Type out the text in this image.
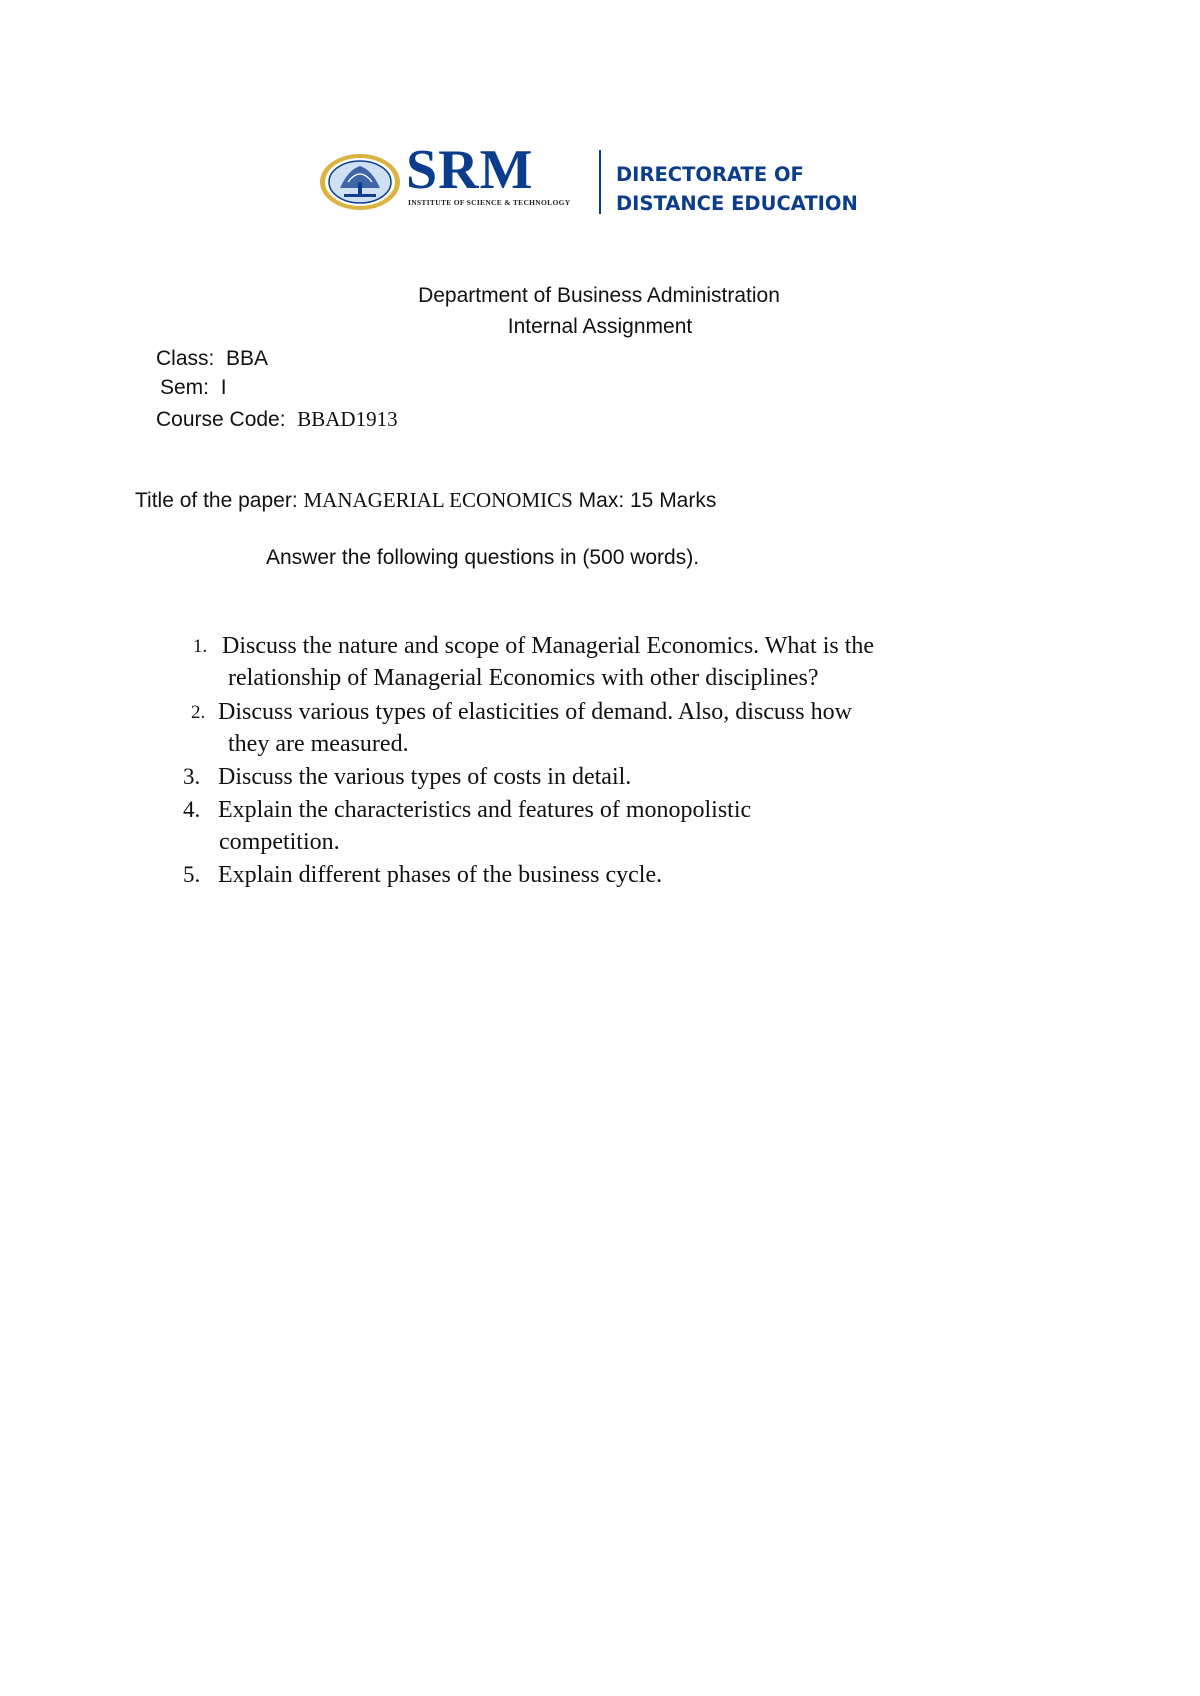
SRM
INSTITUTE OF SCIENCE & TECHNOLOGY
DIRECTORATE OF
DISTANCE EDUCATION
Department of Business Administration
Internal Assignment
Class: BBA
Sem: I
Course Code: BBAD1913
Title of the paper: MANAGERIAL ECONOMICS Max: 15 Marks
Answer the following questions in (500 words).
1. Discuss the nature and scope of Managerial Economics. What is the
relationship of Managerial Economics with other disciplines?
2. Discuss various types of elasticities of demand. Also, discuss how
they are measured.
3. Discuss the various types of costs in detail.
4. Explain the characteristics and features of monopolistic
competition.
5. Explain different phases of the business cycle.
